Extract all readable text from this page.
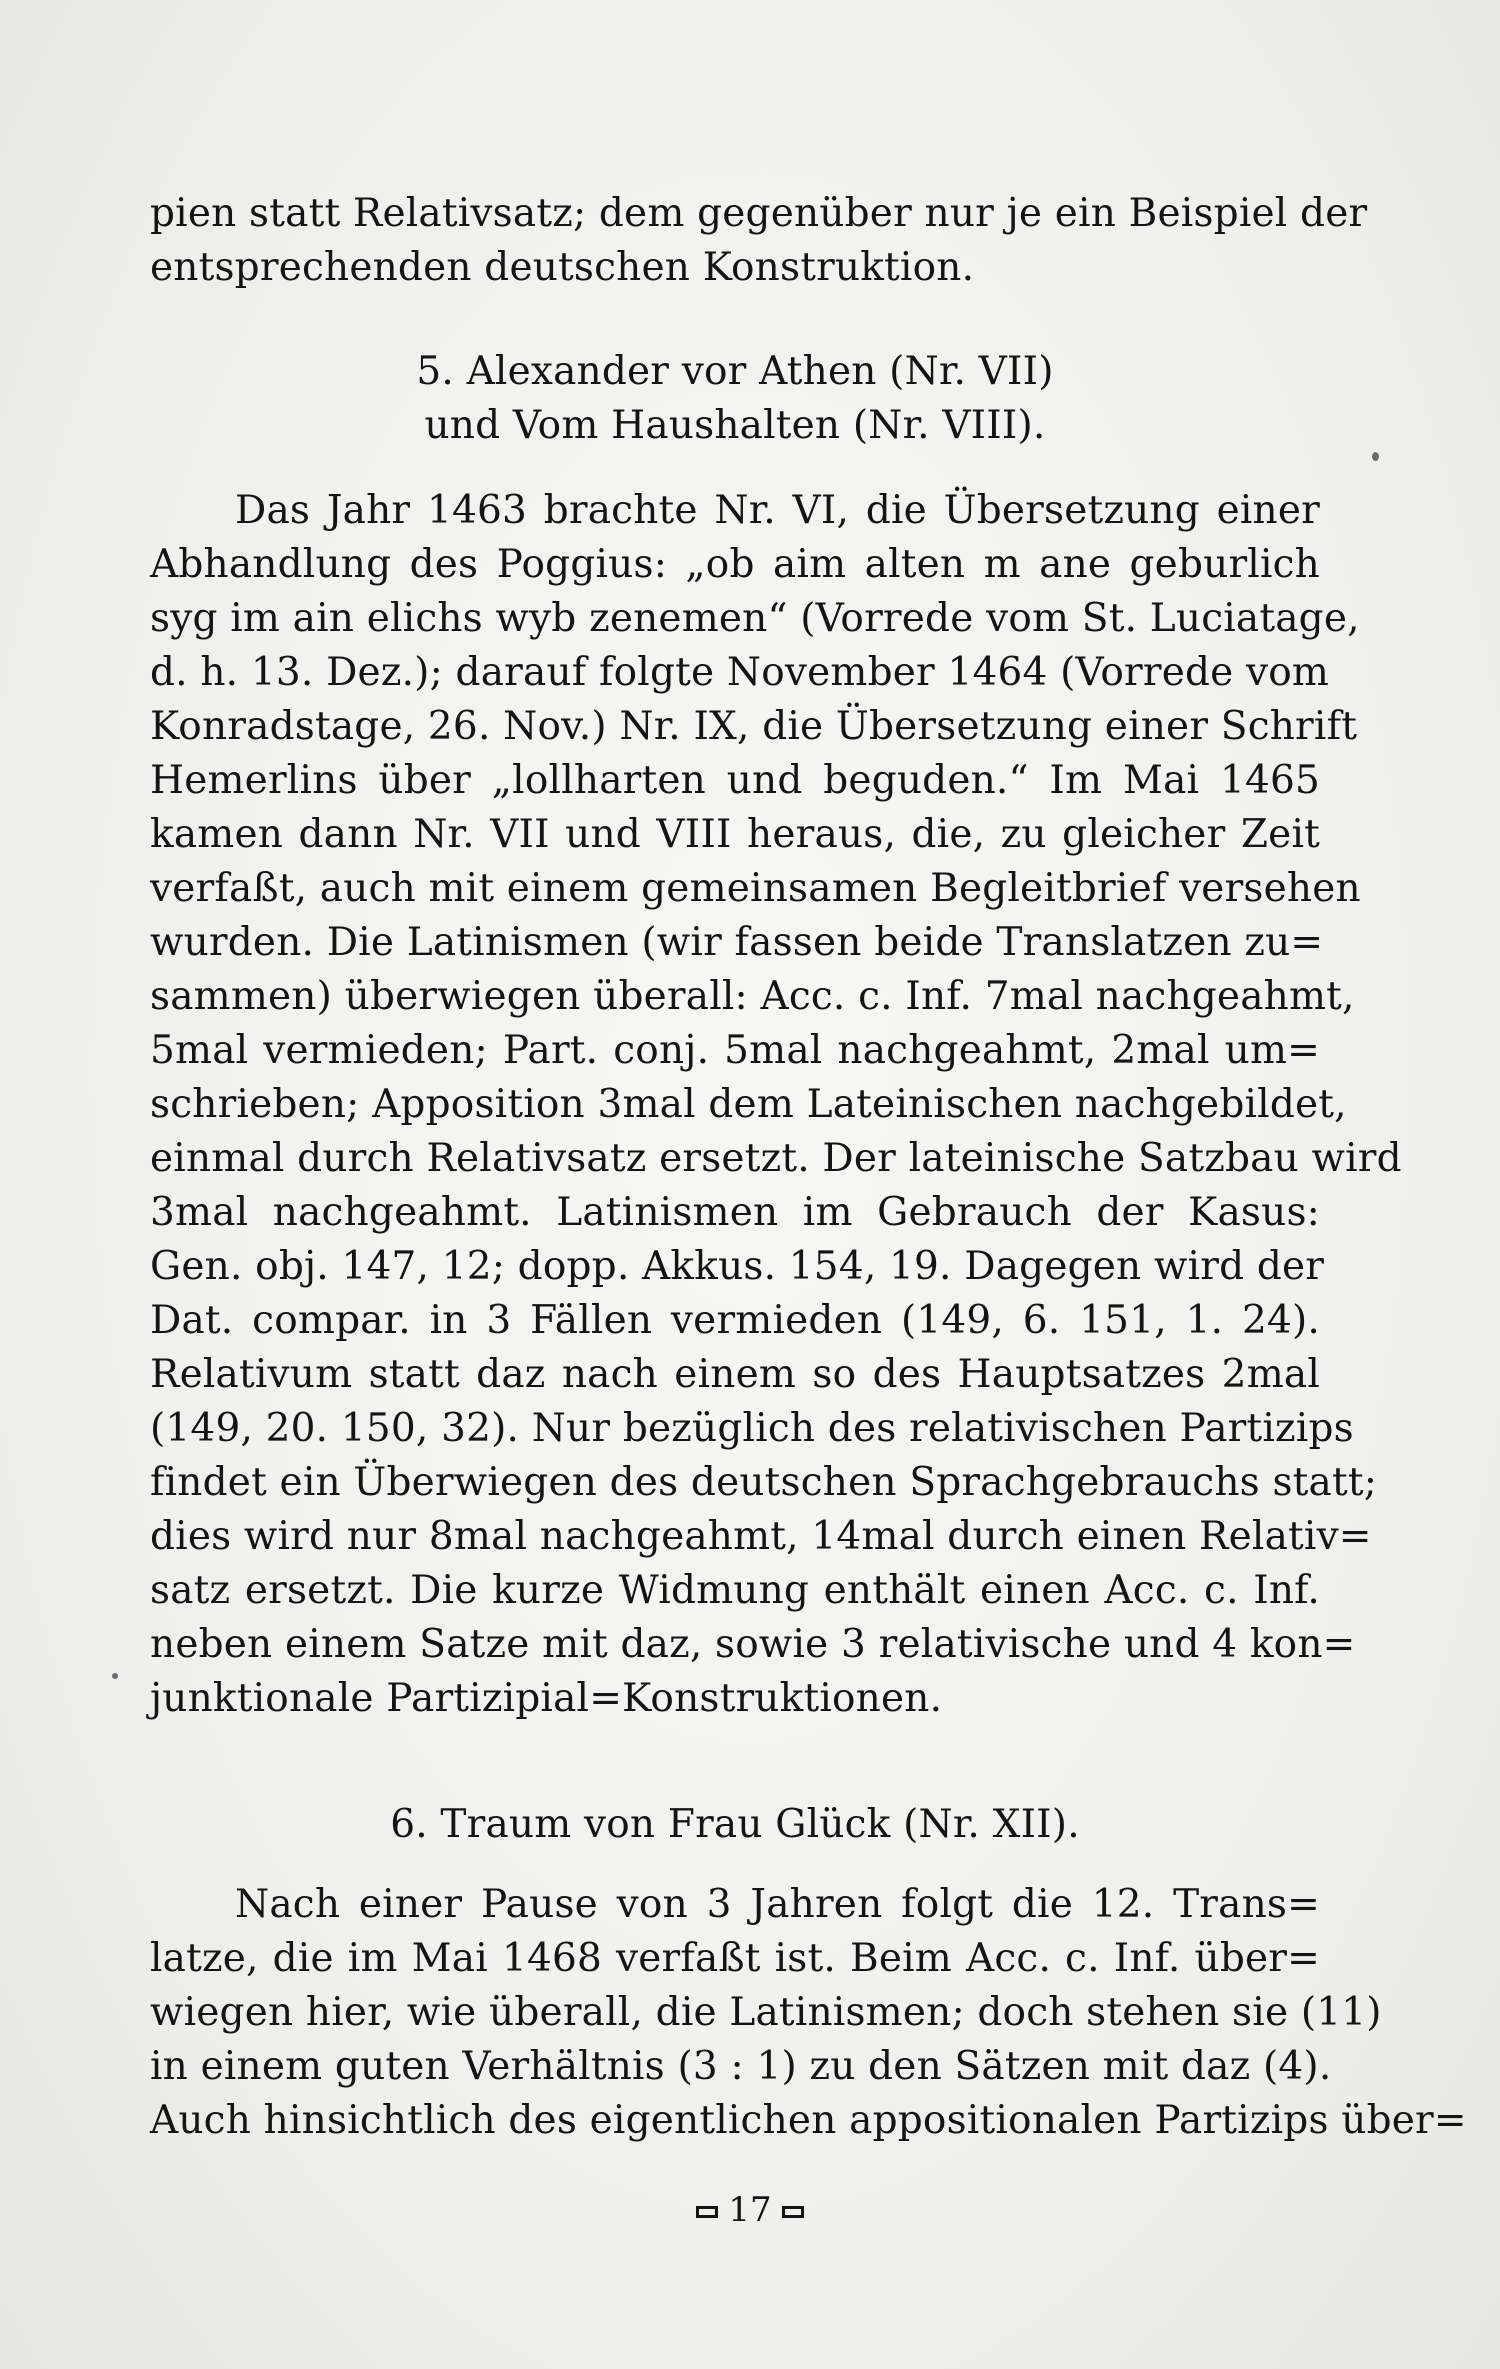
pien statt Relativsatz; dem gegenüber nur je ein Beispiel der
entsprechenden deutschen Konstruktion.
5. Alexander vor Athen (Nr. VII)
und Vom Haushalten (Nr. VIII).
Das Jahr 1463 brachte Nr. VI, die Übersetzung einer
Abhandlung des Poggius: „ob aim alten m ane geburlich
syg im ain elichs wyb zenemen“ (Vorrede vom St. Luciatage,
d. h. 13. Dez.); darauf folgte November 1464 (Vorrede vom
Konradstage, 26. Nov.) Nr. IX, die Übersetzung einer Schrift
Hemerlins über „lollharten und beguden.“ Im Mai 1465
kamen dann Nr. VII und VIII heraus, die, zu gleicher Zeit
verfaßt, auch mit einem gemeinsamen Begleitbrief versehen
wurden. Die Latinismen (wir fassen beide Translatzen zu=
sammen) überwiegen überall: Acc. c. Inf. 7mal nachgeahmt,
5mal vermieden; Part. conj. 5mal nachgeahmt, 2mal um=
schrieben; Apposition 3mal dem Lateinischen nachgebildet,
einmal durch Relativsatz ersetzt. Der lateinische Satzbau wird
3mal nachgeahmt. Latinismen im Gebrauch der Kasus:
Gen. obj. 147, 12; dopp. Akkus. 154, 19. Dagegen wird der
Dat. compar. in 3 Fällen vermieden (149, 6. 151, 1. 24).
Relativum statt daz nach einem so des Hauptsatzes 2mal
(149, 20. 150, 32). Nur bezüglich des relativischen Partizips
findet ein Überwiegen des deutschen Sprachgebrauchs statt;
dies wird nur 8mal nachgeahmt, 14mal durch einen Relativ=
satz ersetzt. Die kurze Widmung enthält einen Acc. c. Inf.
neben einem Satze mit daz, sowie 3 relativische und 4 kon=
junktionale Partizipial=Konstruktionen.
6. Traum von Frau Glück (Nr. XII).
Nach einer Pause von 3 Jahren folgt die 12. Trans=
latze, die im Mai 1468 verfaßt ist. Beim Acc. c. Inf. über=
wiegen hier, wie überall, die Latinismen; doch stehen sie (11)
in einem guten Verhältnis (3 : 1) zu den Sätzen mit daz (4).
Auch hinsichtlich des eigentlichen appositionalen Partizips über=
17
